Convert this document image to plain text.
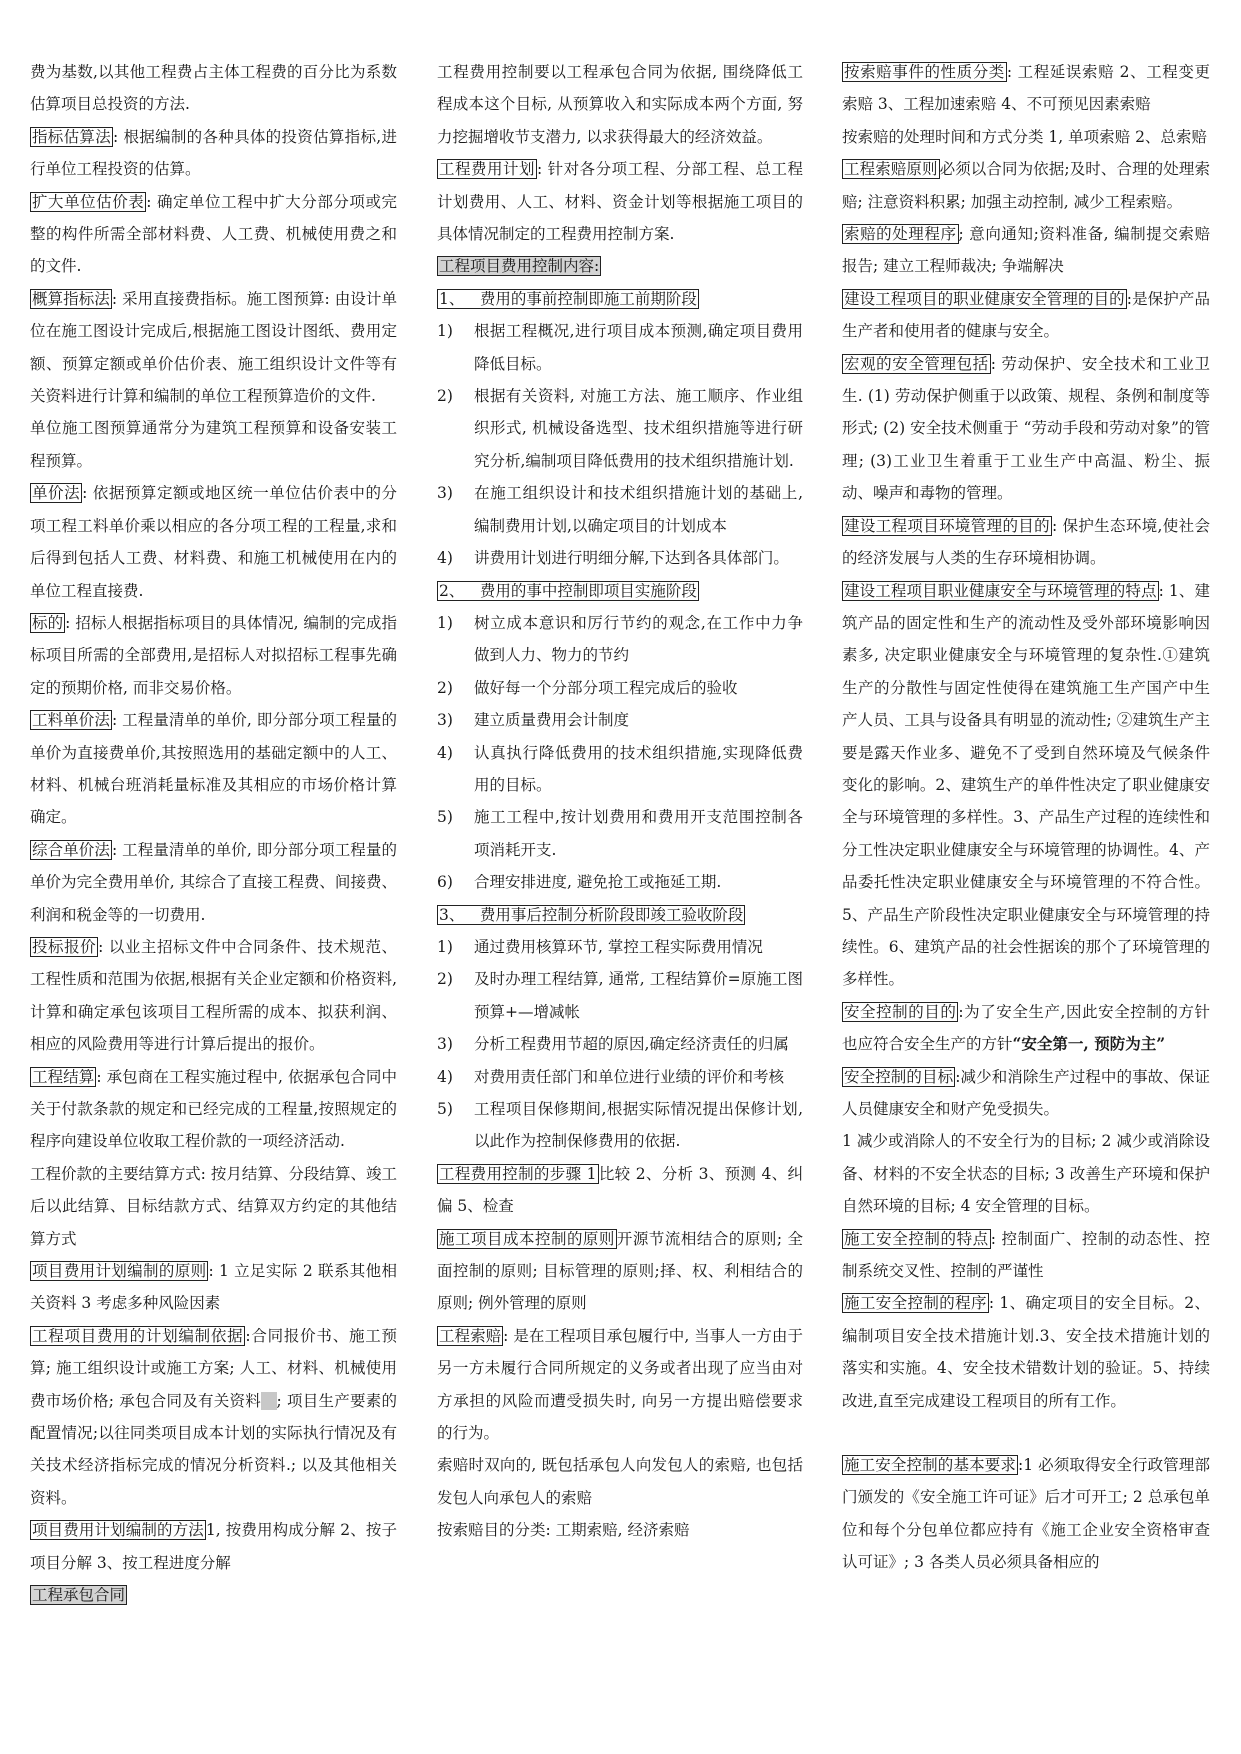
费为基数,以其他工程费占主体工程费的百分比为系数估算项目总投资的方法.

指标估算法 : 根据编制的各种具体的投资估算指标,进行单位工程投资的估算。

扩大单位估价表 : 确定单位工程中扩大分部分项或完整的构件所需全部材料费、人工费、机械使用费之和的文件.

概算指标法 : 采用直接费指标。施工图预算: 由设计单位在施工图设计完成后,根据施工图设计图纸、费用定额、预算定额或单价估价表、施工组织设计文件等有关资料进行计算和编制的单位工程预算造价的文件.

单位施工图预算通常分为建筑工程预算和设备安装工程预算。

单价法 : 依据预算定额或地区统一单位估价表中的分项工程工料单价乘以相应的各分项工程的工程量,求和后得到包括人工费、材料费、和施工机械使用在内的单位工程直接费.

标的 : 招标人根据指标项目的具体情况, 编制的完成指标项目所需的全部费用,是招标人对拟招标工程事先确定的预期价格, 而非交易价格。

工料单价法 : 工程量清单的单价, 即分部分项工程量的单价为直接费单价,其按照选用的基础定额中的人工、材料、机械台班消耗量标准及其相应的市场价格计算确定。

综合单价法 : 工程量清单的单价, 即分部分项工程量的单价为完全费用单价, 其综合了直接工程费、间接费、利润和税金等的一切费用.

投标报价 : 以业主招标文件中合同条件、技术规范、工程性质和范围为依据,根据有关企业定额和价格资料,计算和确定承包该项目工程所需的成本、拟获利润、相应的风险费用等进行计算后提出的报价。

工程结算 : 承包商在工程实施过程中, 依据承包合同中关于付款条款的规定和已经完成的工程量,按照规定的程序向建设单位收取工程价款的一项经济活动.

工程价款的主要结算方式: 按月结算、分段结算、竣工后以此结算、目标结款方式、结算双方约定的其他结算方式

项目费用计划编制的原则 : 1 立足实际 2 联系其他相关资料 3 考虑多种风险因素

工程项目费用的计划编制依据 :合同报价书、施工预算; 施工组织设计或施工方案; 人工、材料、机械使用费市场价格; 承包合同及有关资料  ; 项目生产要素的配置情况;以往同类项目成本计划的实际执行情况及有关技术经济指标完成的情况分析资料.; 以及其他相关资料。

项目费用计划编制的方法 1, 按费用构成分解 2、按子项目分解 3、按工程进度分解

工程承包合同

工程费用控制要以工程承包合同为依据, 围绕降低工程成本这个目标, 从预算收入和实际成本两个方面, 努力挖掘增收节支潜力, 以求获得最大的经济效益。

工程费用计划 : 针对各分项工程、分部工程、总工程计划费用、人工、材料、资金计划等根据施工项目的具体情况制定的工程费用控制方案.

工程项目费用控制内容:

1、  费用的事前控制即施工前期阶段

1)	根据工程概况,进行项目成本预测,确定项目费用降低目标。
2)	根据有关资料, 对施工方法、施工顺序、作业组织形式, 机械设备选型、技术组织措施等进行研究分析,编制项目降低费用的技术组织措施计划.
3)	在施工组织设计和技术组织措施计划的基础上, 编制费用计划,以确定项目的计划成本
4)	讲费用计划进行明细分解,下达到各具体部门。

2、  费用的事中控制即项目实施阶段

1)	树立成本意识和厉行节约的观念,在工作中力争做到人力、物力的节约
2)	做好每一个分部分项工程完成后的验收
3)	建立质量费用会计制度
4)	认真执行降低费用的技术组织措施,实现降低费用的目标。
5)	施工工程中,按计划费用和费用开支范围控制各项消耗开支.
6)	合理安排进度, 避免抢工或拖延工期.

3、  费用事后控制分析阶段即竣工验收阶段

1)	通过费用核算环节, 掌控工程实际费用情况
2)	及时办理工程结算, 通常, 工程结算价=原施工图预算+—增减帐
3)	分析工程费用节超的原因,确定经济责任的归属
4)	对费用责任部门和单位进行业绩的评价和考核
5)	工程项目保修期间,根据实际情况提出保修计划, 以此作为控制保修费用的依据.

工程费用控制的步骤 1 比较 2、分析 3、预测 4、纠偏 5、检查

施工项目成本控制的原则 开源节流相结合的原则; 全面控制的原则; 目标管理的原则;择、权、利相结合的原则; 例外管理的原则

工程索赔 : 是在工程项目承包履行中, 当事人一方由于另一方未履行合同所规定的义务或者出现了应当由对方承担的风险而遭受损失时, 向另一方提出赔偿要求的行为。

索赔时双向的, 既包括承包人向发包人的索赔, 也包括发包人向承包人的索赔

按索赔目的分类: 工期索赔, 经济索赔

按索赔事件的性质分类 : 工程延误索赔 2、工程变更索赔 3、工程加速索赔 4、不可预见因素索赔

按索赔的处理时间和方式分类 1, 单项索赔 2、总索赔

工程索赔原则 必须以合同为依据;及时、合理的处理索赔; 注意资料积累; 加强主动控制, 减少工程索赔。

索赔的处理程序 ; 意向通知;资料准备, 编制提交索赔报告; 建立工程师裁决; 争端解决

建设工程项目的职业健康安全管理的目的 :是保护产品生产者和使用者的健康与安全。

宏观的安全管理包括 : 劳动保护、安全技术和工业卫生. (1) 劳动保护侧重于以政策、规程、条例和制度等形式; (2) 安全技术侧重于 “劳动手段和劳动对象”的管理; (3)工业卫生着重于工业生产中高温、粉尘、振动、噪声和毒物的管理。

建设工程项目环境管理的目的 : 保护生态环境,使社会的经济发展与人类的生存环境相协调。

建设工程项目职业健康安全与环境管理的特点 : 1、建筑产品的固定性和生产的流动性及受外部环境影响因素多, 决定职业健康安全与环境管理的复杂性.①建筑生产的分散性与固定性使得在建筑施工生产国产中生产人员、工具与设备具有明显的流动性; ②建筑生产主要是露天作业多、避免不了受到自然环境及气候条件变化的影响。2、建筑生产的单件性决定了职业健康安全与环境管理的多样性。3、产品生产过程的连续性和分工性决定职业健康安全与环境管理的协调性。4、产品委托性决定职业健康安全与环境管理的不符合性。5、产品生产阶段性决定职业健康安全与环境管理的持续性。6、建筑产品的社会性据诶的那个了环境管理的多样性。

安全控制的目的 :为了安全生产,因此安全控制的方针也应符合安全生产的方针“安全第一, 预防为主”

安全控制的目标 :减少和消除生产过程中的事故、保证人员健康安全和财产免受损失。

1 减少或消除人的不安全行为的目标; 2 减少或消除设备、材料的不安全状态的目标; 3 改善生产环境和保护自然环境的目标; 4 安全管理的目标。

施工安全控制的特点 : 控制面广、控制的动态性、控制系统交叉性、控制的严谨性

施工安全控制的程序 : 1、确定项目的安全目标。2、编制项目安全技术措施计划.3、安全技术措施计划的落实和实施。4、安全技术错数计划的验证。5、持续改进,直至完成建设工程项目的所有工作。

施工安全控制的基本要求 :1 必须取得安全行政管理部门颁发的《安全施工许可证》后才可开工; 2 总承包单位和每个分包单位都应持有《施工企业安全资格审查认可证》; 3 各类人员必须具备相应的
